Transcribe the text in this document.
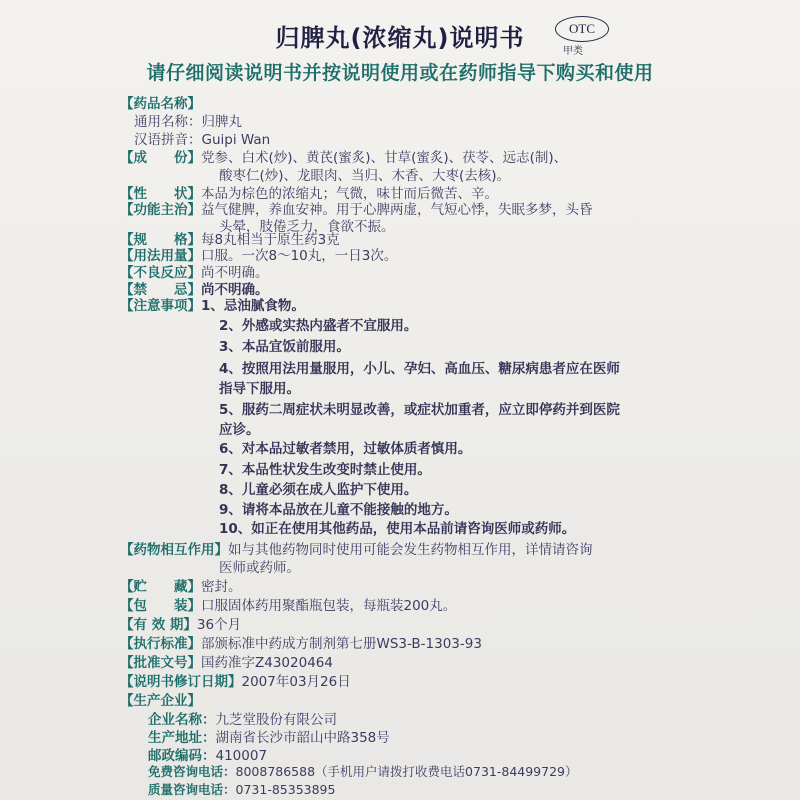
归脾丸(浓缩丸)说明书	OTC
甲类
请仔细阅读说明书并按说明使用或在药师指导下购买和使用
【药品名称】
通用名称：归脾丸
汉语拼音：Guipi Wan
【成　　份】党参、白术(炒)、黄芪(蜜炙)、甘草(蜜炙)、茯苓、远志(制)、
酸枣仁(炒)、龙眼肉、当归、木香、大枣(去核)。
【性　　状】本品为棕色的浓缩丸；气微，味甘而后微苦、辛。
【功能主治】益气健脾，养血安神。用于心脾两虚，气短心悸，失眠多梦，头昏
头晕，肢倦乏力，食欲不振。
【规　　格】每8丸相当于原生药3克
【用法用量】口服。一次8～10丸，一日3次。
【不良反应】尚不明确。
【禁　　忌】尚不明确。
【注意事项】1、忌油腻食物。
2、外感或实热内盛者不宜服用。
3、本品宜饭前服用。
4、按照用法用量服用，小儿、孕妇、高血压、糖尿病患者应在医师
指导下服用。
5、服药二周症状未明显改善，或症状加重者，应立即停药并到医院
应诊。
6、对本品过敏者禁用，过敏体质者慎用。
7、本品性状发生改变时禁止使用。
8、儿童必须在成人监护下使用。
9、请将本品放在儿童不能接触的地方。
10、如正在使用其他药品，使用本品前请咨询医师或药师。
【药物相互作用】如与其他药物同时使用可能会发生药物相互作用，详情请咨询
医师或药师。
【贮　　藏】密封。
【包　　装】口服固体药用聚酯瓶包装，每瓶装200丸。
【有 效 期】36个月
【执行标准】部颁标准中药成方制剂第七册WS3-B-1303-93
【批准文号】国药准字Z43020464
【说明书修订日期】2007年03月26日
【生产企业】
企业名称：九芝堂股份有限公司
生产地址：湖南省长沙市韶山中路358号
邮政编码：410007
免费咨询电话：8008786588（手机用户请拨打收费电话0731-84499729）
质量咨询电话：0731-85353895
